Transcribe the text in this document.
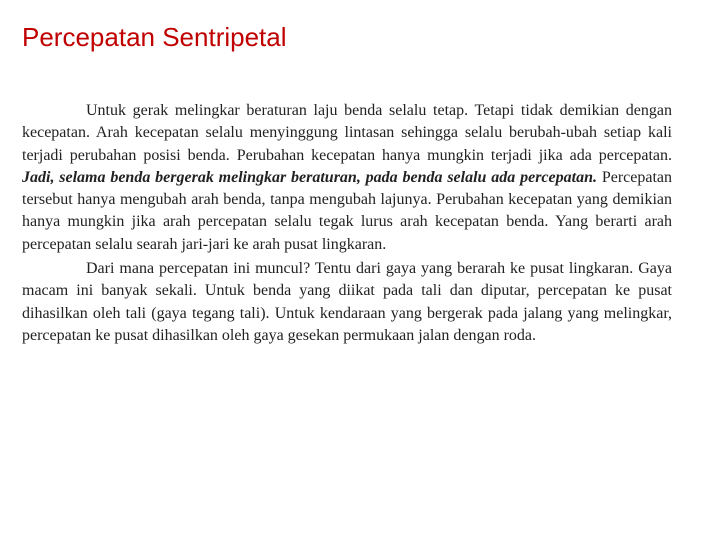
Percepatan Sentripetal

Untuk gerak melingkar beraturan laju benda selalu tetap. Tetapi tidak demikian dengan kecepatan. Arah kecepatan selalu menyinggung lintasan sehingga selalu berubah-ubah setiap kali terjadi perubahan posisi benda. Perubahan kecepatan hanya mungkin terjadi jika ada percepatan. Jadi, selama benda bergerak melingkar beraturan, pada benda selalu ada percepatan. Percepatan tersebut hanya mengubah arah benda, tanpa mengubah lajunya. Perubahan kecepatan yang demikian hanya mungkin jika arah percepatan selalu tegak lurus arah kecepatan benda. Yang berarti arah percepatan selalu searah jari-jari ke arah pusat lingkaran.

Dari mana percepatan ini muncul? Tentu dari gaya yang berarah ke pusat lingkaran. Gaya macam ini banyak sekali. Untuk benda yang diikat pada tali dan diputar, percepatan ke pusat dihasilkan oleh tali (gaya tegang tali). Untuk kendaraan yang bergerak pada jalang yang melingkar, percepatan ke pusat dihasilkan oleh gaya gesekan permukaan jalan dengan roda.
